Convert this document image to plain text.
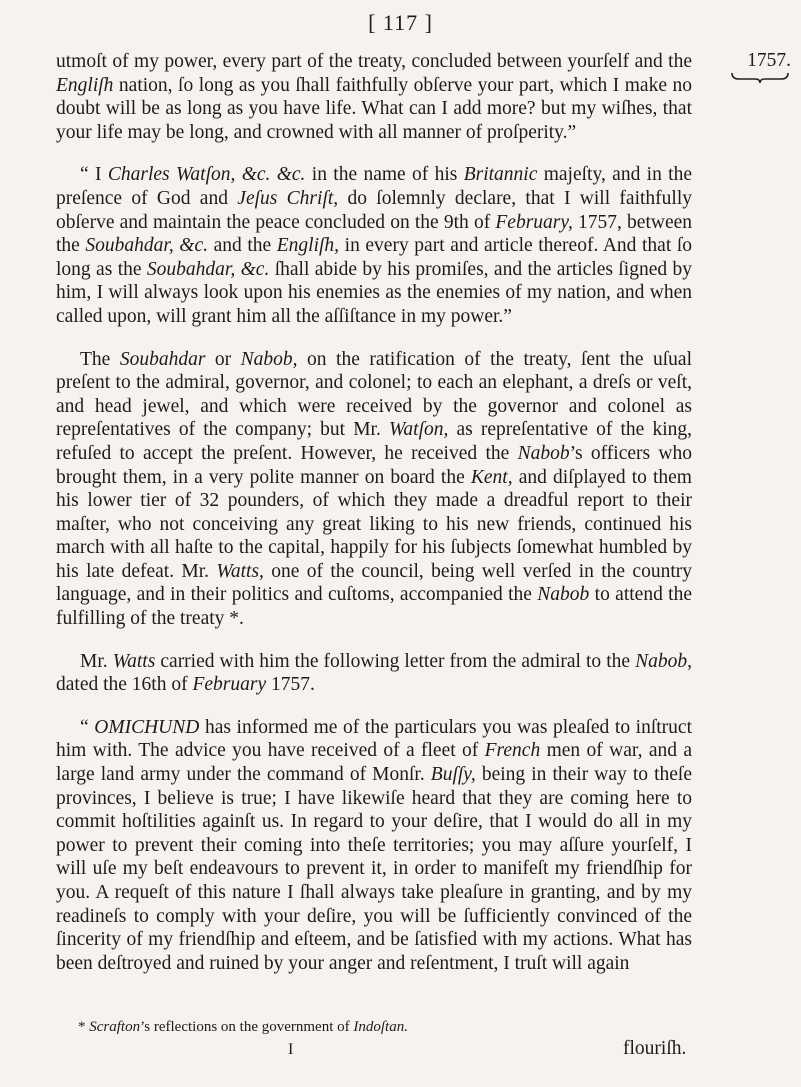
[ 117 ]
1757.

utmoſt of my power, every part of the treaty, concluded between yourſelf and the Engliſh nation, ſo long as you ſhall faithfully obſerve your part, which I make no doubt will be as long as you have life. What can I add more? but my wiſhes, that your life may be long, and crowned with all manner of proſperity.”

“ I Charles Watſon, &c. &c. in the name of his Britannic majeſty, and in the preſence of God and Jeſus Chriſt, do ſolemnly declare, that I will faithfully obſerve and maintain the peace concluded on the 9th of February, 1757, between the Soubahdar, &c. and the Engliſh, in every part and article thereof. And that ſo long as the Soubahdar, &c. ſhall abide by his promiſes, and the articles ſigned by him, I will always look upon his enemies as the enemies of my nation, and when called upon, will grant him all the aſſiſtance in my power.”

The Soubahdar or Nabob, on the ratification of the treaty, ſent the uſual preſent to the admiral, governor, and colonel; to each an elephant, a dreſs or veſt, and head jewel, and which were received by the governor and colonel as repreſentatives of the company; but Mr. Watſon, as repreſentative of the king, refuſed to accept the preſent. However, he received the Nabob’s officers who brought them, in a very polite manner on board the Kent, and diſplayed to them his lower tier of 32 pounders, of which they made a dreadful report to their maſter, who not conceiving any great liking to his new friends, continued his march with all haſte to the capital, happily for his ſubjects ſomewhat humbled by his late defeat. Mr. Watts, one of the council, being well verſed in the country language, and in their politics and cuſtoms, accompanied the Nabob to attend the fulfilling of the treaty *.

Mr. Watts carried with him the following letter from the admiral to the Nabob, dated the 16th of February 1757.

“ OMICHUND has informed me of the particulars you was pleaſed to inſtruct him with. The advice you have received of a fleet of French men of war, and a large land army under the command of Monſr. Buſſy, being in their way to theſe provinces, I believe is true; I have likewiſe heard that they are coming here to commit hoſtilities againſt us. In regard to your deſire, that I would do all in my power to prevent their coming into theſe territories; you may aſſure yourſelf, I will uſe my beſt endeavours to prevent it, in order to manifeſt my friendſhip for you. A requeſt of this nature I ſhall always take pleaſure in granting, and by my readineſs to comply with your deſire, you will be ſufficiently convinced of the ſincerity of my friendſhip and eſteem, and be ſatisfied with my actions. What has been deſtroyed and ruined by your anger and reſentment, I truſt will again

* Scrafton’s reflections on the government of Indoſtan.
I	flouriſh.
